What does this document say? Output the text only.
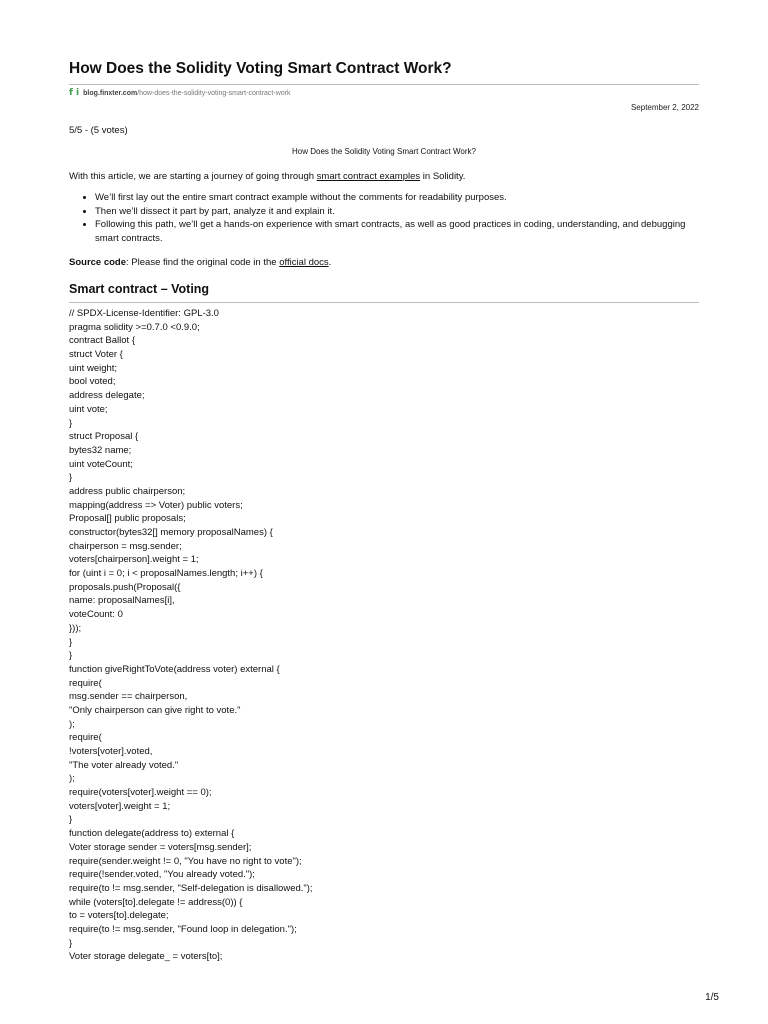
How Does the Solidity Voting Smart Contract Work?
f i blog.finxter.com/how-does-the-solidity-voting-smart-contract-work
September 2, 2022
5/5 - (5 votes)
How Does the Solidity Voting Smart Contract Work?

With this article, we are starting a journey of going through smart contract examples in Solidity.

• We’ll first lay out the entire smart contract example without the comments for readability purposes.
• Then we’ll dissect it part by part, analyze it and explain it.
• Following this path, we’ll get a hands-on experience with smart contracts, as well as good practices in coding, understanding, and debugging smart contracts.

Source code: Please find the original code in the official docs.

Smart contract – Voting
// SPDX-License-Identifier: GPL-3.0
pragma solidity >=0.7.0 <0.9.0;
contract Ballot {
struct Voter {
uint weight;
bool voted;
address delegate;
uint vote;
}
struct Proposal {
bytes32 name;
uint voteCount;
}
address public chairperson;
mapping(address => Voter) public voters;
Proposal[] public proposals;
constructor(bytes32[] memory proposalNames) {
chairperson = msg.sender;
voters[chairperson].weight = 1;
for (uint i = 0; i < proposalNames.length; i++) {
proposals.push(Proposal({
name: proposalNames[i],
voteCount: 0
}));
}
}
function giveRightToVote(address voter) external {
require(
msg.sender == chairperson,
"Only chairperson can give right to vote."
);
require(
!voters[voter].voted,
"The voter already voted."
);
require(voters[voter].weight == 0);
voters[voter].weight = 1;
}
function delegate(address to) external {
Voter storage sender = voters[msg.sender];
require(sender.weight != 0, "You have no right to vote");
require(!sender.voted, "You already voted.");
require(to != msg.sender, "Self-delegation is disallowed.");
while (voters[to].delegate != address(0)) {
to = voters[to].delegate;
require(to != msg.sender, "Found loop in delegation.");
}
Voter storage delegate_ = voters[to];
1/5
